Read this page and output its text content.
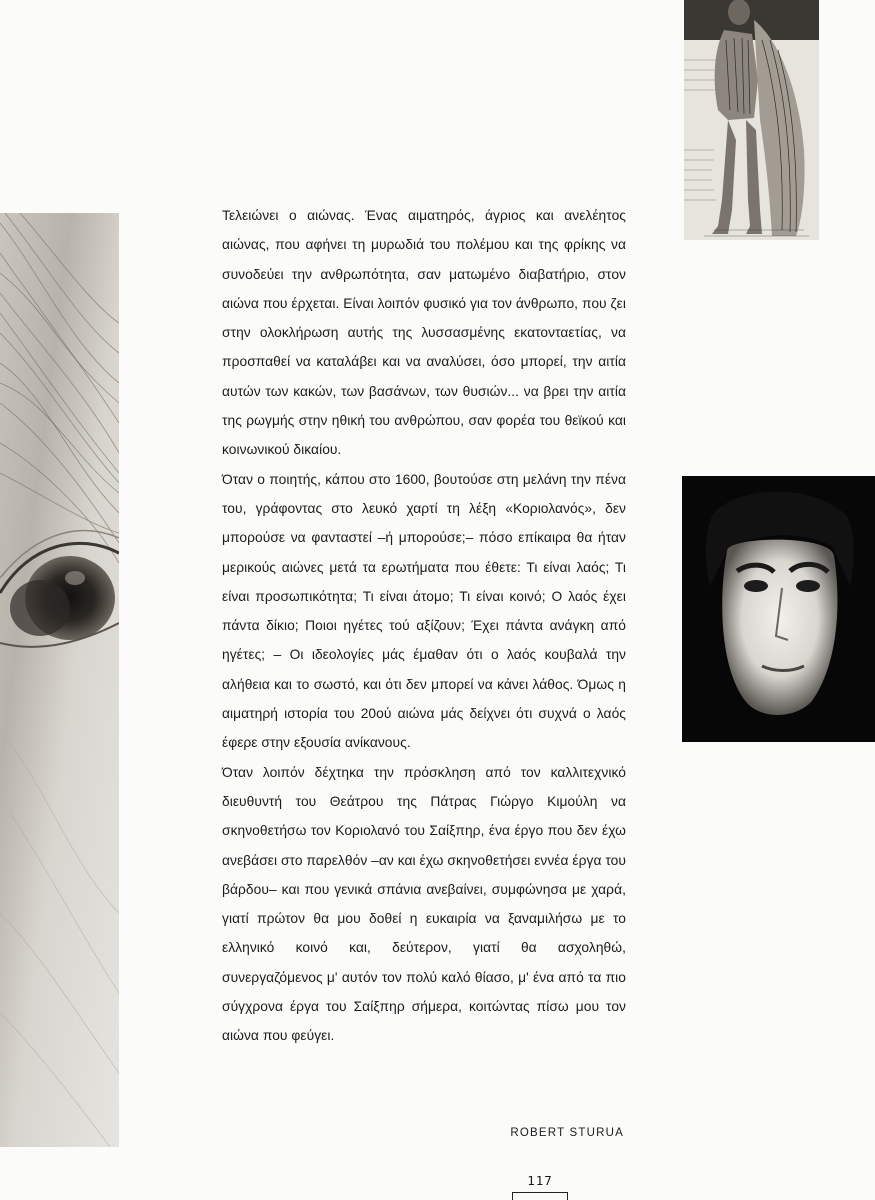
Τελειώνει ο αιώνας. Ένας αιματηρός, άγριος και ανελέητος αιώνας, που αφήνει τη μυρωδιά του πολέμου και της φρίκης να συνοδεύει την ανθρωπότητα, σαν ματωμένο διαβατήριο, στον αιώνα που έρχεται. Είναι λοιπόν φυσικό για τον άνθρωπο, που ζει στην ολοκλήρωση αυτής της λυσσασμένης εκατονταετίας, να προσπαθεί να καταλάβει και να αναλύσει, όσο μπορεί, την αιτία αυτών των κακών, των βασάνων, των θυσιών... να βρει την αιτία της ρωγμής στην ηθική του ανθρώπου, σαν φορέα του θεϊκού και κοινωνικού δικαίου.

Όταν ο ποιητής, κάπου στο 1600, βουτούσε στη μελάνη την πένα του, γράφοντας στο λευκό χαρτί τη λέξη «Κοριολανός», δεν μπορούσε να φανταστεί –ή μπορούσε;– πόσο επίκαιρα θα ήταν μερικούς αιώνες μετά τα ερωτήματα που έθετε: Τι είναι λαός; Τι είναι προσωπικότητα; Τι είναι άτομο; Τι είναι κοινό; Ο λαός έχει πάντα δίκιο; Ποιοι ηγέτες τού αξίζουν; Έχει πάντα ανάγκη από ηγέτες; – Οι ιδεολογίες μάς έμαθαν ότι ο λαός κουβαλά την αλήθεια και το σωστό, και ότι δεν μπορεί να κάνει λάθος. Όμως η αιματηρή ιστορία του 20ού αιώνα μάς δείχνει ότι συχνά ο λαός έφερε στην εξουσία ανίκανους.

Όταν λοιπόν δέχτηκα την πρόσκληση από τον καλλιτεχνικό διευθυντή του Θεάτρου της Πάτρας Γιώργο Κιμούλη να σκηνοθετήσω τον Κοριολανό του Σαίξπηρ, ένα έργο που δεν έχω ανεβάσει στο παρελθόν –αν και έχω σκηνοθετήσει εννέα έργα του βάρδου– και που γενικά σπάνια ανεβαίνει, συμφώνησα με χαρά, γιατί πρώτον θα μου δοθεί η ευκαιρία να ξαναμιλήσω με το ελληνικό κοινό και, δεύτερον, γιατί θα ασχοληθώ, συνεργαζόμενος μ' αυτόν τον πολύ καλό θίασο, μ' ένα από τα πιο σύγχρονα έργα του Σαίξπηρ σήμερα, κοιτώντας πίσω μου τον αιώνα που φεύγει.

ROBERT STURUA
117
